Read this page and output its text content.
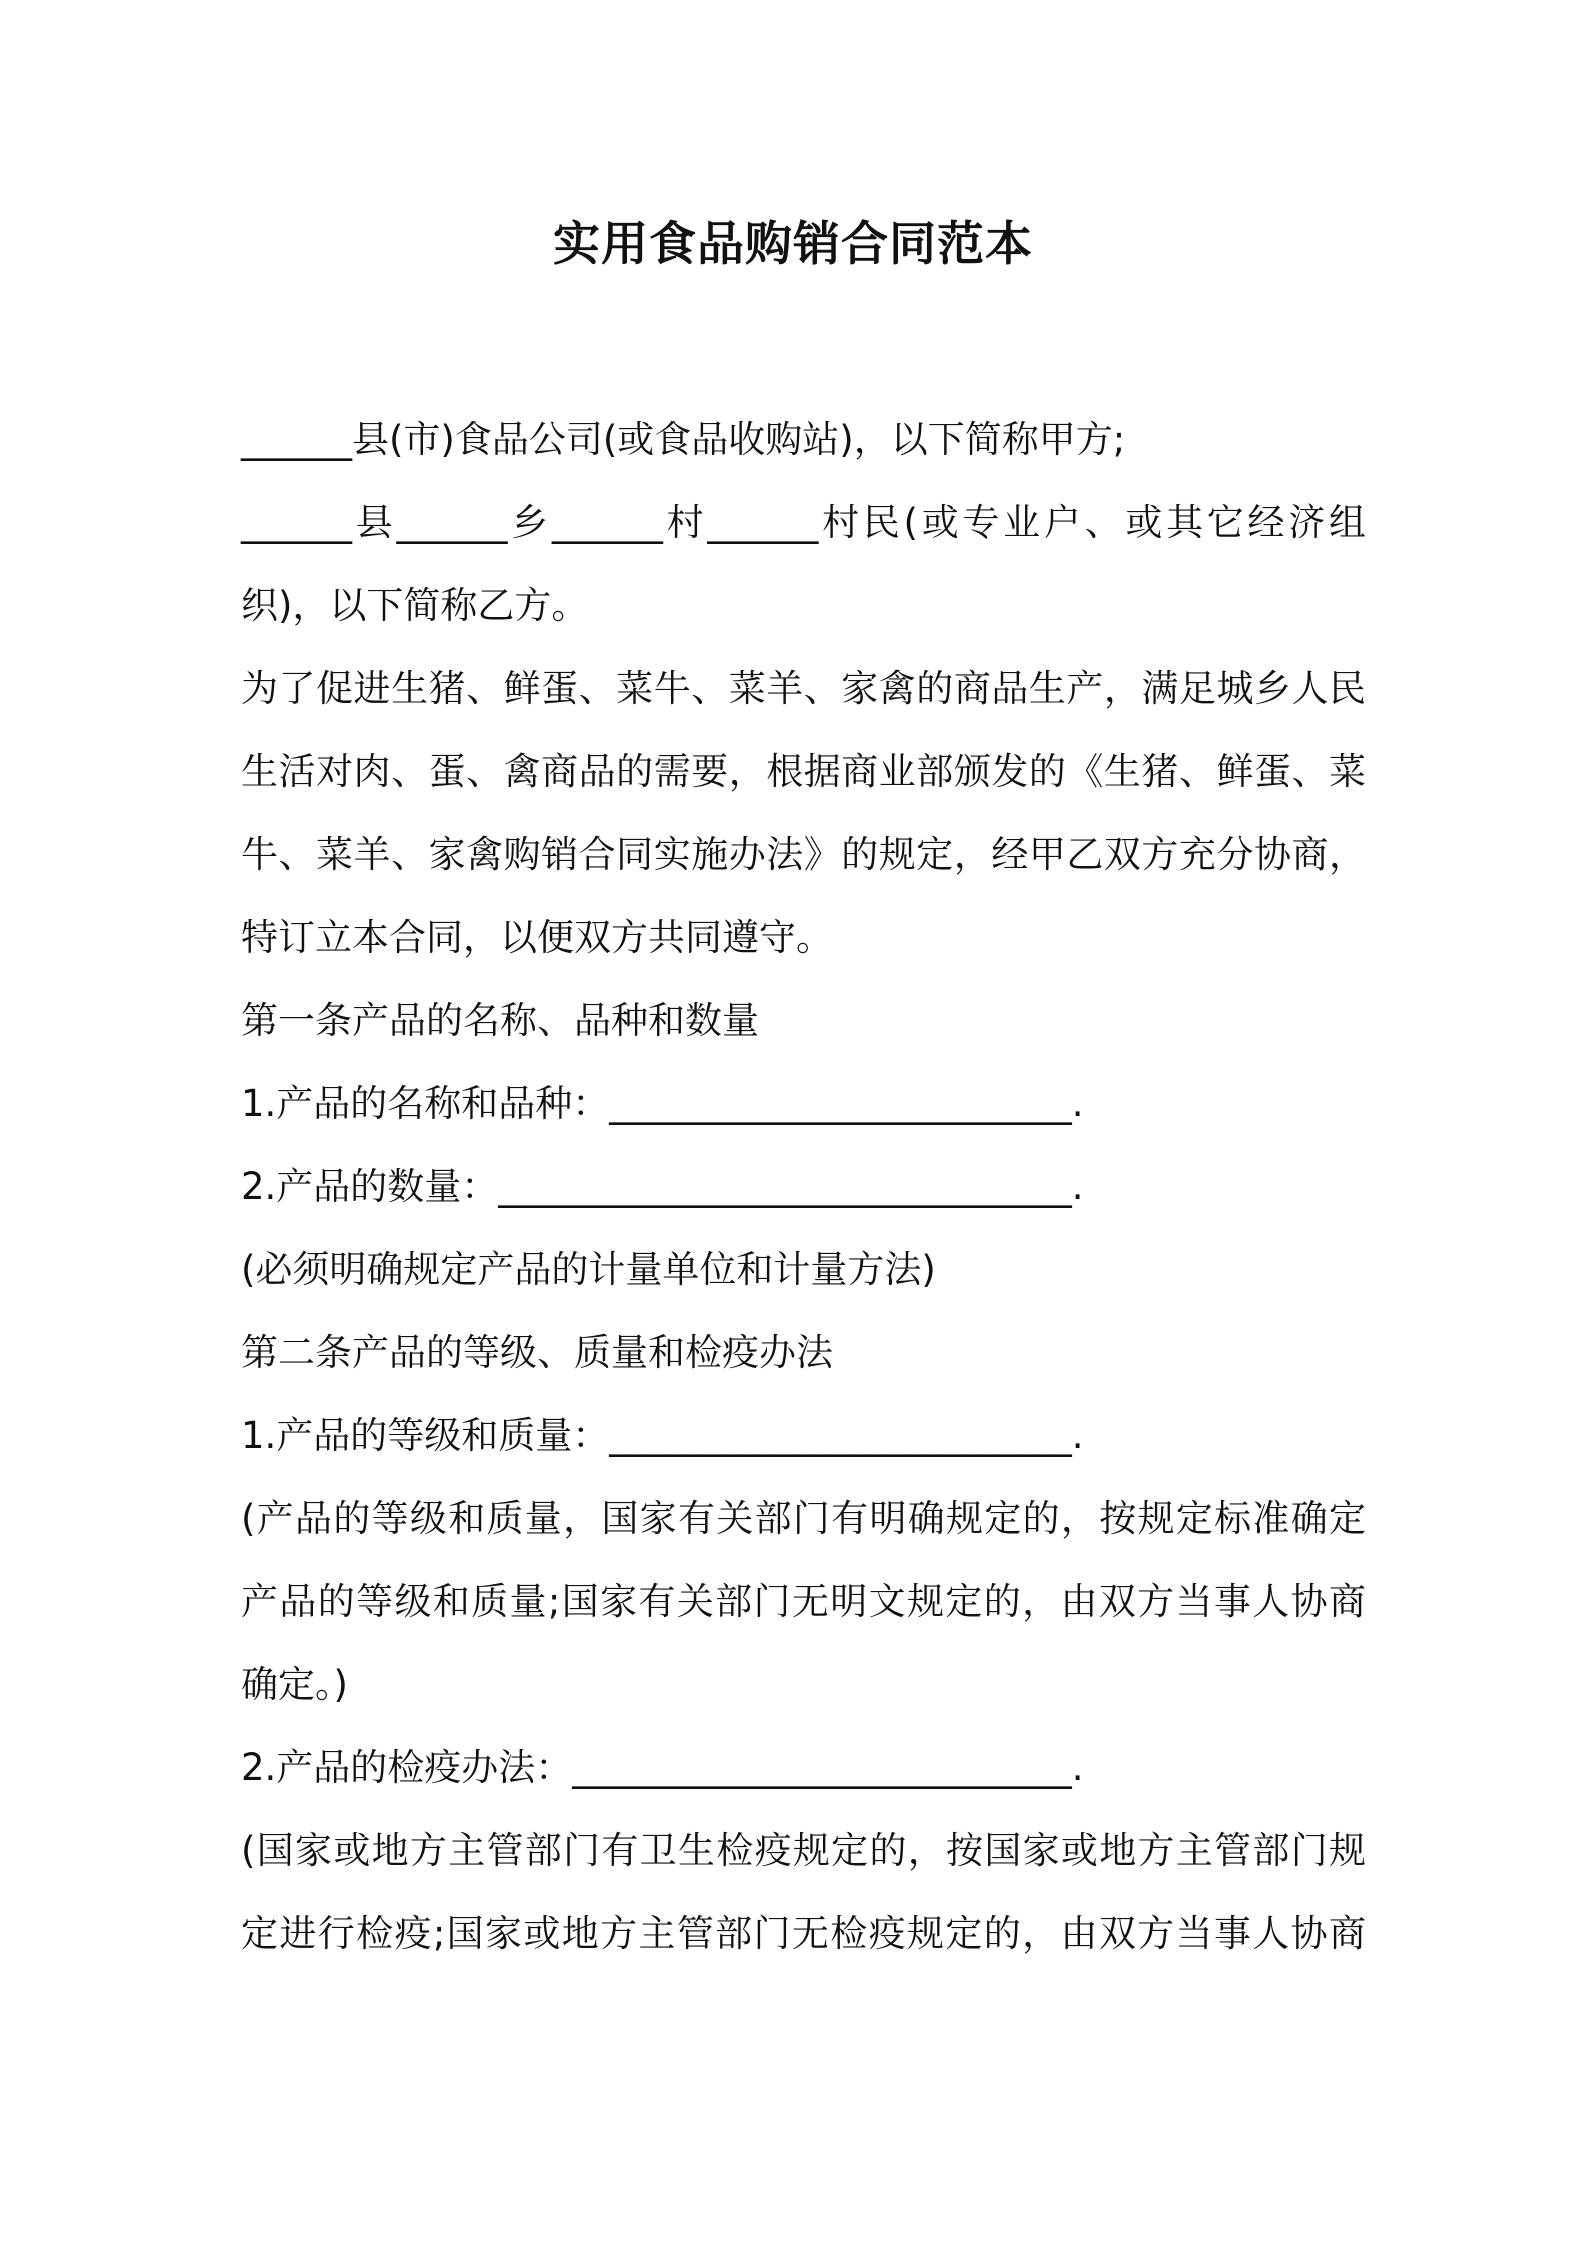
实用食品购销合同范本
______县(市)食品公司(或食品收购站)，以下简称甲方;
______县______乡______村______村民(或专业户、或其它经济组
织)，以下简称乙方。
为了促进生猪、鲜蛋、菜牛、菜羊、家禽的商品生产，满足城乡人民
生活对肉、蛋、禽商品的需要，根据商业部颁发的《生猪、鲜蛋、菜
牛、菜羊、家禽购销合同实施办法》的规定，经甲乙双方充分协商，
特订立本合同，以便双方共同遵守。
第一条产品的名称、品种和数量
1.产品的名称和品种：_________________________.
2.产品的数量：_______________________________.
(必须明确规定产品的计量单位和计量方法)
第二条产品的等级、质量和检疫办法
1.产品的等级和质量：_________________________.
(产品的等级和质量，国家有关部门有明确规定的，按规定标准确定
产品的等级和质量;国家有关部门无明文规定的，由双方当事人协商
确定。)
2.产品的检疫办法：___________________________.
(国家或地方主管部门有卫生检疫规定的，按国家或地方主管部门规
定进行检疫;国家或地方主管部门无检疫规定的，由双方当事人协商
